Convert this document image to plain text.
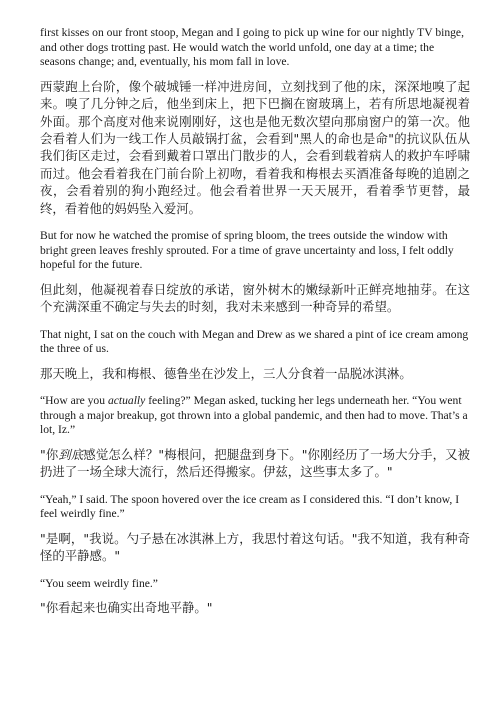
first kisses on our front stoop, Megan and I going to pick up wine for our nightly TV binge, and other dogs trotting past. He would watch the world unfold, one day at a time; the seasons change; and, eventually, his mom fall in love.

西蒙跑上台阶，像个破城锤一样冲进房间，立刻找到了他的床，深深地嗅了起来。嗅了几分钟之后，他坐到床上，把下巴搁在窗玻璃上，若有所思地凝视着外面。那个高度对他来说刚刚好，这也是他无数次望向那扇窗户的第一次。他会看着人们为一线工作人员敲锅打盆，会看到"黑人的命也是命"的抗议队伍从我们街区走过，会看到戴着口罩出门散步的人，会看到载着病人的救护车呼啸而过。他会看着我在门前台阶上初吻，看着我和梅根去买酒准备每晚的追剧之夜，会看着别的狗小跑经过。他会看着世界一天天展开，看着季节更替，最终，看着他的妈妈坠入爱河。

But for now he watched the promise of spring bloom, the trees outside the window with bright green leaves freshly sprouted. For a time of grave uncertainty and loss, I felt oddly hopeful for the future.

但此刻，他凝视着春日绽放的承诺，窗外树木的嫩绿新叶正鲜亮地抽芽。在这个充满深重不确定与失去的时刻，我对未来感到一种奇异的希望。

That night, I sat on the couch with Megan and Drew as we shared a pint of ice cream among the three of us.

那天晚上，我和梅根、德鲁坐在沙发上，三人分食着一品脱冰淇淋。

“How are you actually feeling?” Megan asked, tucking her legs underneath her. “You went through a major breakup, got thrown into a global pandemic, and then had to move. That’s a lot, Iz.”

"你到底感觉怎么样？"梅根问，把腿盘到身下。"你刚经历了一场大分手，又被扔进了一场全球大流行，然后还得搬家。伊兹，这些事太多了。"

“Yeah,” I said. The spoon hovered over the ice cream as I considered this. “I don’t know, I feel weirdly fine.”

"是啊，"我说。勺子悬在冰淇淋上方，我思忖着这句话。"我不知道，我有种奇怪的平静感。"

“You seem weirdly fine.”

"你看起来也确实出奇地平静。"
